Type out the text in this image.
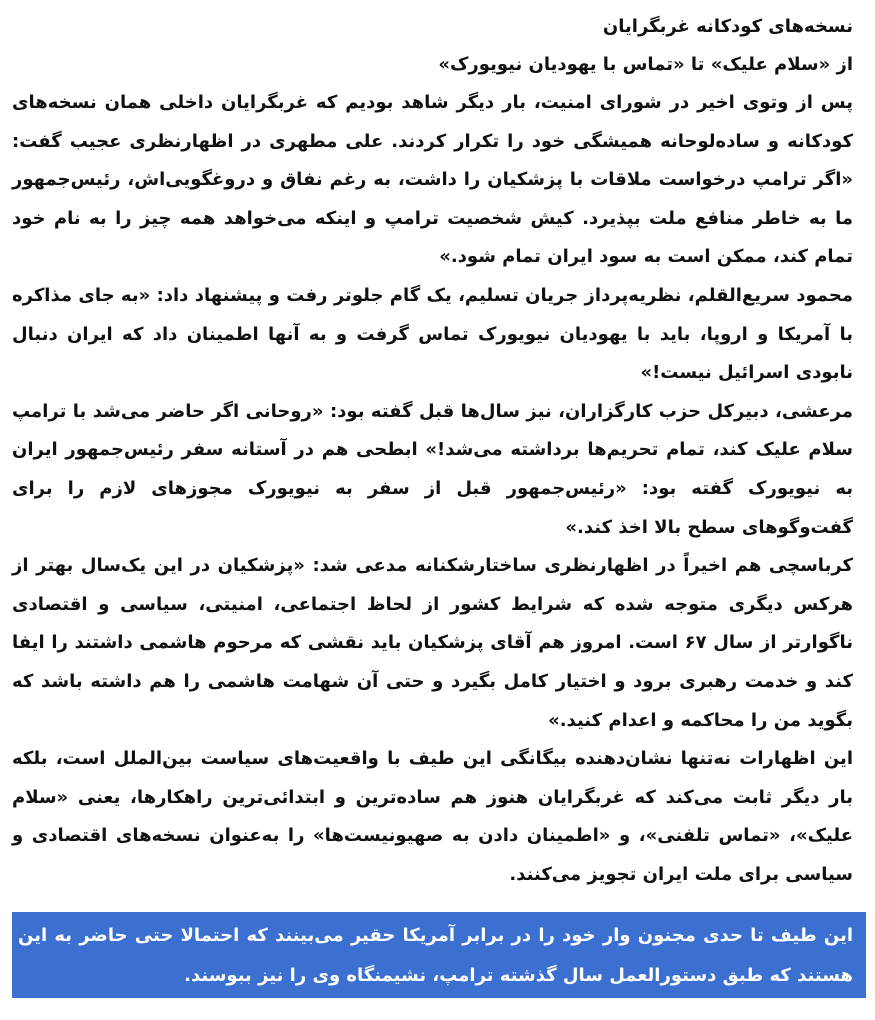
نسخه‌های کودکانه غربگرایان

از «سلام علیک» تا «تماس با یهودیان نیویورک»

پس از وتوی اخیر در شورای امنیت، بار دیگر شاهد بودیم که غربگرایان داخلی همان نسخه‌های کودکانه و ساده‌لوحانه همیشگی خود را تکرار کردند. علی مطهری در اظهارنظری عجیب گفت: «اگر ترامپ درخواست ملاقات با پزشکیان را داشت، به رغم نفاق و دروغگویی‌اش، رئیس‌جمهور ما به خاطر منافع ملت بپذیرد. کیش شخصیت ترامپ و اینکه می‌خواهد همه چیز را به نام خود تمام کند، ممکن است به سود ایران تمام شود.»

محمود سریع‌القلم، نظریه‌پرداز جریان تسلیم، یک گام جلوتر رفت و پیشنهاد داد: «به جای مذاکره با آمریکا و اروپا، باید با یهودیان نیویورک تماس گرفت و به آنها اطمینان داد که ایران دنبال نابودی اسرائیل نیست!»

مرعشی، دبیرکل حزب کارگزاران، نیز سال‌ها قبل گفته بود: «روحانی اگر حاضر می‌شد با ترامپ سلام علیک کند، تمام تحریم‌ها برداشته می‌شد!» ابطحی هم در آستانه سفر رئیس‌جمهور ایران به نیویورک گفته بود: «رئیس‌جمهور قبل از سفر به نیویورک مجوزهای لازم را برای گفت‌وگوهای سطح بالا اخذ کند.»

کرباسچی هم اخیراً در اظهارنظری ساختارشکنانه مدعی شد: «پزشکیان در این یک‌سال بهتر از هرکس دیگری متوجه شده که شرایط کشور از لحاظ اجتماعی، امنیتی، سیاسی و اقتصادی ناگوارتر از سال ۶۷ است. امروز هم آقای پزشکیان باید نقشی که مرحوم هاشمی داشتند را ایفا کند و خدمت رهبری برود و اختیار کامل بگیرد و حتی آن شهامت هاشمی را هم داشته باشد که بگوید من را محاکمه و اعدام کنید.»

این اظهارات نه‌تنها نشان‌دهنده بیگانگی این طیف با واقعیت‌های سیاست بین‌الملل است، بلکه بار دیگر ثابت می‌کند که غربگرایان هنوز هم ساده‌ترین و ابتدائی‌ترین راهکارها، یعنی «سلام علیک»، «تماس تلفنی»، و «اطمینان دادن به صهیونیست‌ها» را به‌عنوان نسخه‌های اقتصادی و سیاسی برای ملت ایران تجویز می‌کنند.

این طیف تا حدی مجنون وار خود را در برابر آمریکا حقیر می‌بینند که احتمالا حتی حاضر به این هستند که طبق دستورالعمل سال گذشته ترامپ، نشیمنگاه وی را نیز ببوسند.
